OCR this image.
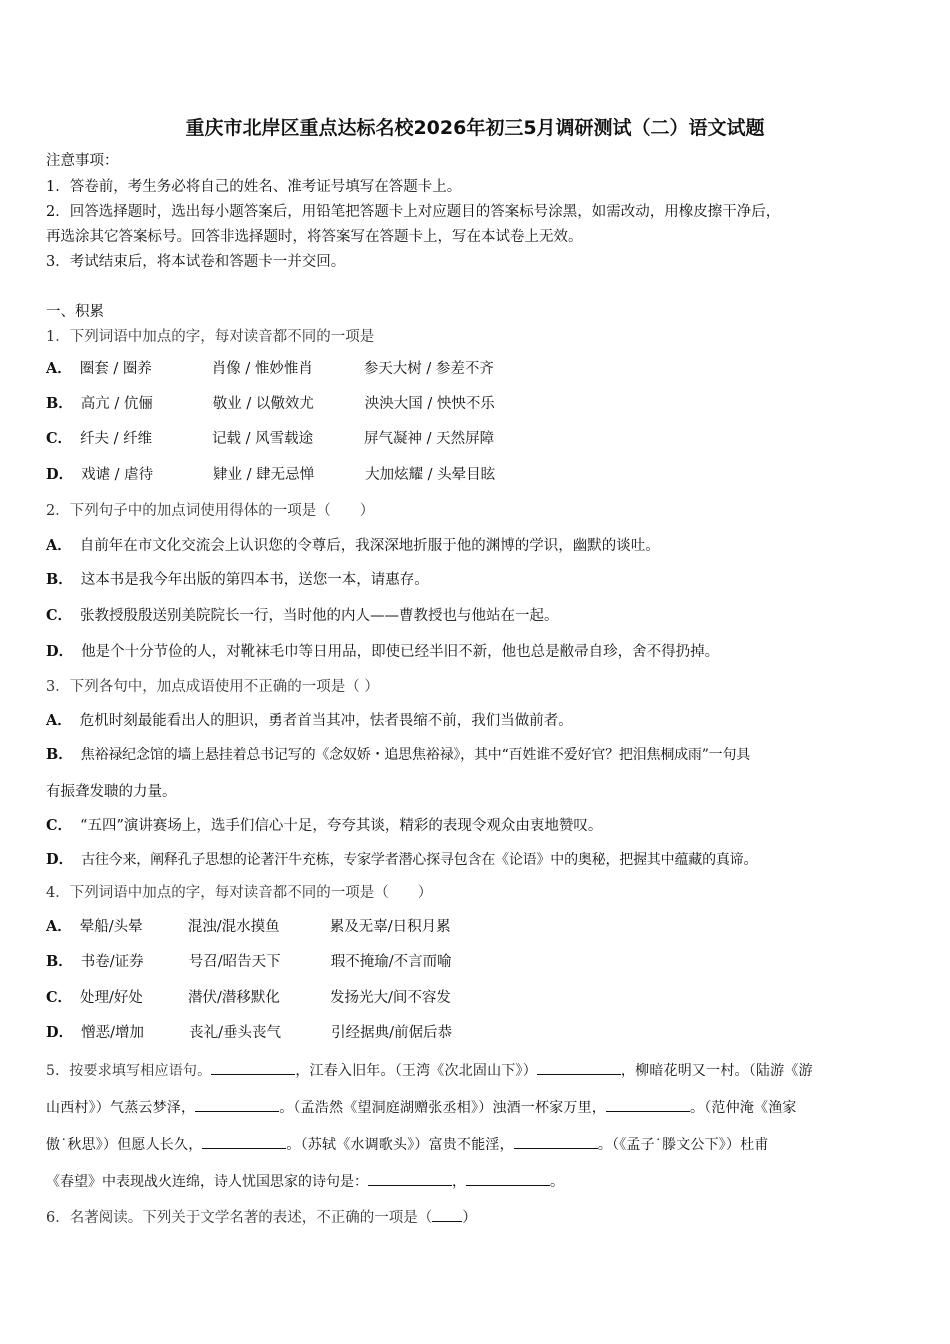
重庆市北岸区重点达标名校2026年初三5月调研测试（二）语文试题
注意事项：
1．答卷前，考生务必将自己的姓名、准考证号填写在答题卡上。
2．回答选择题时，选出每小题答案后，用铅笔把答题卡上对应题目的答案标号涂黑，如需改动，用橡皮擦干净后，
再选涂其它答案标号。回答非选择题时，将答案写在答题卡上，写在本试卷上无效。
3．考试结束后，将本试卷和答题卡一并交回。
一、积累
1．下列词语中加点的字，每对读音都不同的一项是
A． 圈套 / 圈养	肖像 / 惟妙惟肖	参天大树 / 参差不齐
B． 高亢 / 伉俪	敬业 / 以儆效尤	泱泱大国 / 怏怏不乐
C． 纤夫 / 纤维	记载 / 风雪载途	屏气凝神 / 天然屏障
D． 戏谑 / 虐待	肄业 / 肆无忌惮	大加炫耀 / 头晕目眩
2．下列句子中的加点词使用得体的一项是（　　）
A． 自前年在市文化交流会上认识您的令尊后，我深深地折服于他的渊博的学识，幽默的谈吐。
B． 这本书是我今年出版的第四本书，送您一本，请惠存。
C． 张教授殷殷送别美院院长一行，当时他的内人——曹教授也与他站在一起。
D． 他是个十分节俭的人，对靴袜毛巾等日用品，即使已经半旧不新，他也总是敝帚自珍，舍不得扔掉。
3．下列各句中，加点成语使用不正确的一项是（ ）
A． 危机时刻最能看出人的胆识，勇者首当其冲，怯者畏缩不前，我们当做前者。
B． 焦裕禄纪念馆的墙上悬挂着总书记写的《念奴娇・追思焦裕禄》，其中“百姓谁不爱好官？把泪焦桐成雨”一句具
有振聋发聩的力量。
C． “五四”演讲赛场上，选手们信心十足，夸夸其谈，精彩的表现令观众由衷地赞叹。
D． 古往今来，阐释孔子思想的论著汗牛充栋，专家学者潜心探寻包含在《论语》中的奥秘，把握其中蕴藏的真谛。
4．下列词语中加点的字，每对读音都不同的一项是（　　）
A． 晕船/头晕	混浊/混水摸鱼	累及无辜/日积月累
B． 书卷/证券	号召/昭告天下	瑕不掩瑜/不言而喻
C． 处理/好处	潜伏/潜移默化	发扬光大/间不容发
D． 憎恶/增加	丧礼/垂头丧气	引经据典/前倨后恭
5．按要求填写相应语句。	，江春入旧年。（王湾《次北固山下》）	，柳暗花明又一村。（陆游《游
山西村》）气蒸云梦泽，	。（孟浩然《望洞庭湖赠张丞相》）浊酒一杯家万里，	。（范仲淹《渔家
傲˙秋思》）但愿人长久，	。（苏轼《水调歌头》）富贵不能淫，	。（《孟子˙滕文公下》）杜甫
《春望》中表现战火连绵，诗人忧国思家的诗句是：	，	。
6．名著阅读。下列关于文学名著的表述，不正确的一项是（ ）
